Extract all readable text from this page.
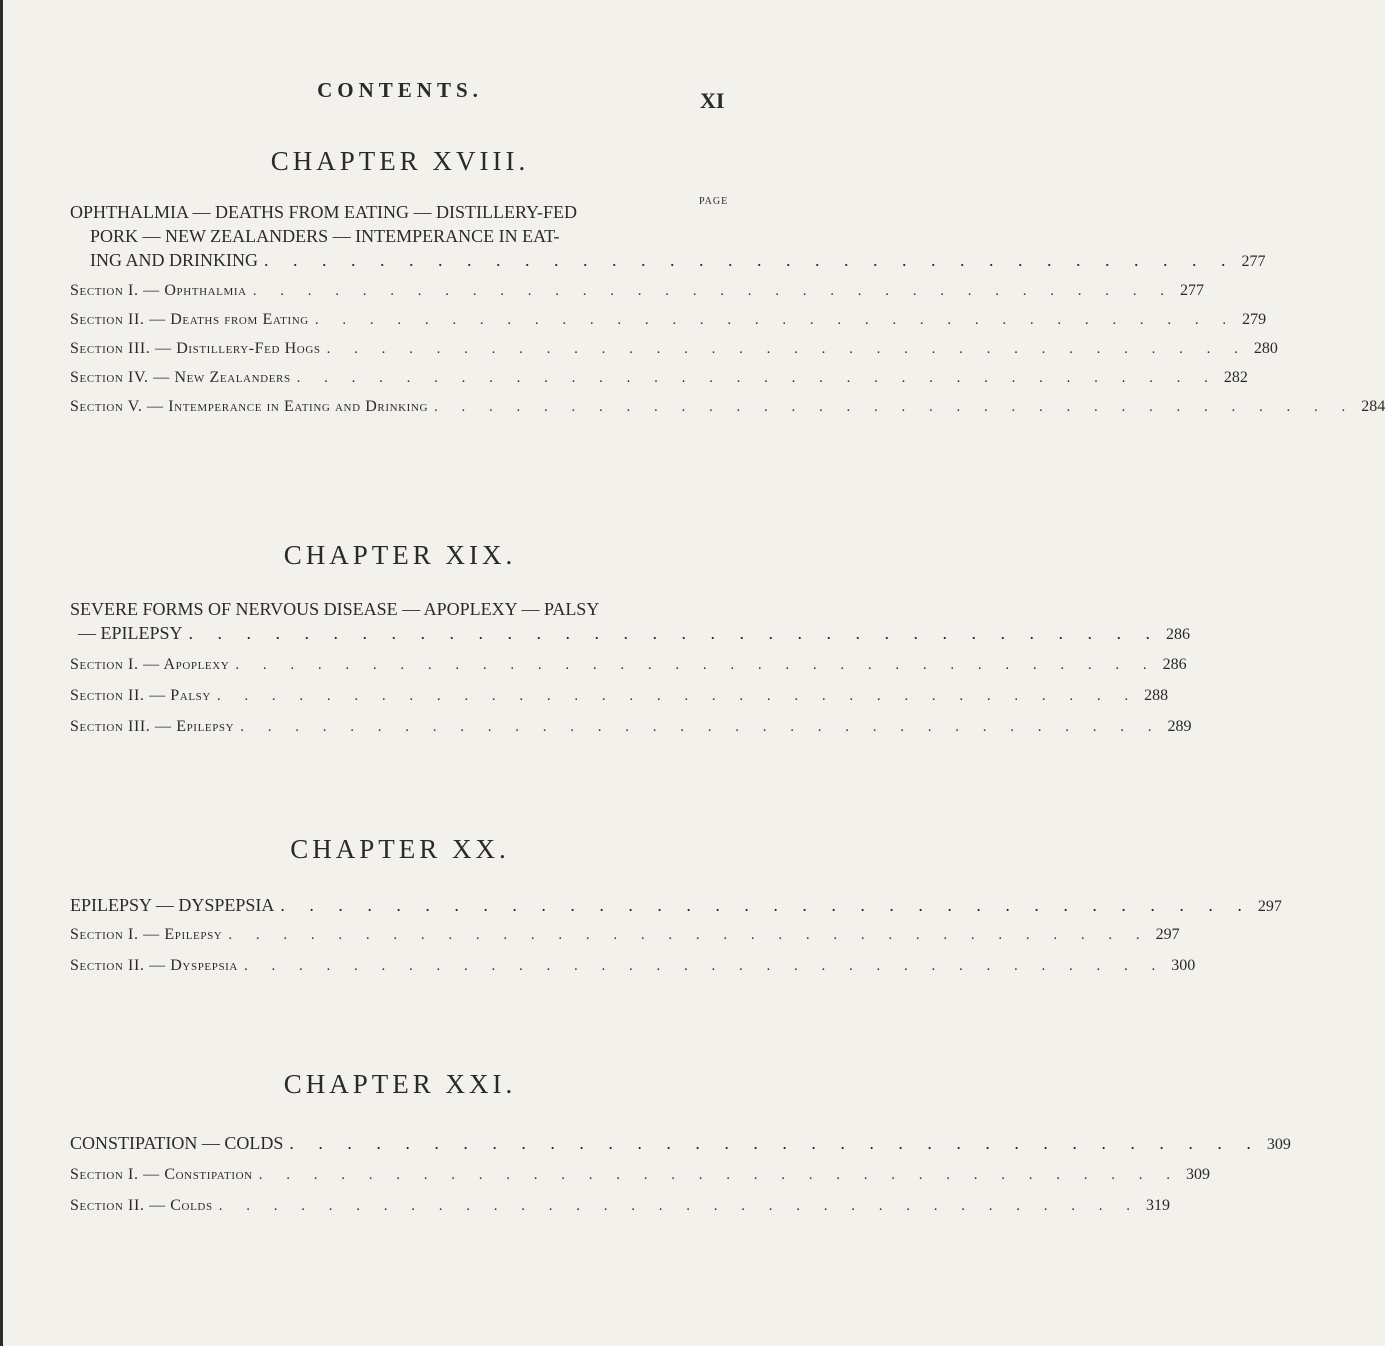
CONTENTS.	XI
CHAPTER XVIII.
PAGE
OPHTHALMIA — DEATHS FROM EATING — DISTILLERY-FED
PORK — NEW ZEALANDERS — INTEMPERANCE IN EAT-
ING AND DRINKING . . . . . . . . . . . . . . . . . . . . . . . . . . . . . . . . . . 277
Section I. — Ophthalmia . . . . . . . . . . . . . . . . . . . . . . . . . . . . . . . . . . 277
Section II. — Deaths from Eating . . . . . . . . . . . . . . . . . . . . . . . . . . . . . . . . . . 279
Section III. — Distillery-Fed Hogs . . . . . . . . . . . . . . . . . . . . . . . . . . . . . . . . . . 280
Section IV. — New Zealanders . . . . . . . . . . . . . . . . . . . . . . . . . . . . . . . . . . 282
Section V. — Intemperance in Eating and Drinking . . . . . . . . . . . . . . . . . . . . . . . . . . . . . . . . . . 284
CHAPTER XIX.
SEVERE FORMS OF NERVOUS DISEASE — APOPLEXY — PALSY
— EPILEPSY . . . . . . . . . . . . . . . . . . . . . . . . . . . . . . . . . . 286
Section I. — Apoplexy . . . . . . . . . . . . . . . . . . . . . . . . . . . . . . . . . . 286
Section II. — Palsy . . . . . . . . . . . . . . . . . . . . . . . . . . . . . . . . . . 288
Section III. — Epilepsy . . . . . . . . . . . . . . . . . . . . . . . . . . . . . . . . . . 289
CHAPTER XX.
EPILEPSY — DYSPEPSIA . . . . . . . . . . . . . . . . . . . . . . . . . . . . . . . . . . 297
Section I. — Epilepsy . . . . . . . . . . . . . . . . . . . . . . . . . . . . . . . . . . 297
Section II. — Dyspepsia . . . . . . . . . . . . . . . . . . . . . . . . . . . . . . . . . . 300
CHAPTER XXI.
CONSTIPATION — COLDS . . . . . . . . . . . . . . . . . . . . . . . . . . . . . . . . . . 309
Section I. — Constipation . . . . . . . . . . . . . . . . . . . . . . . . . . . . . . . . . . 309
Section II. — Colds . . . . . . . . . . . . . . . . . . . . . . . . . . . . . . . . . . 319
